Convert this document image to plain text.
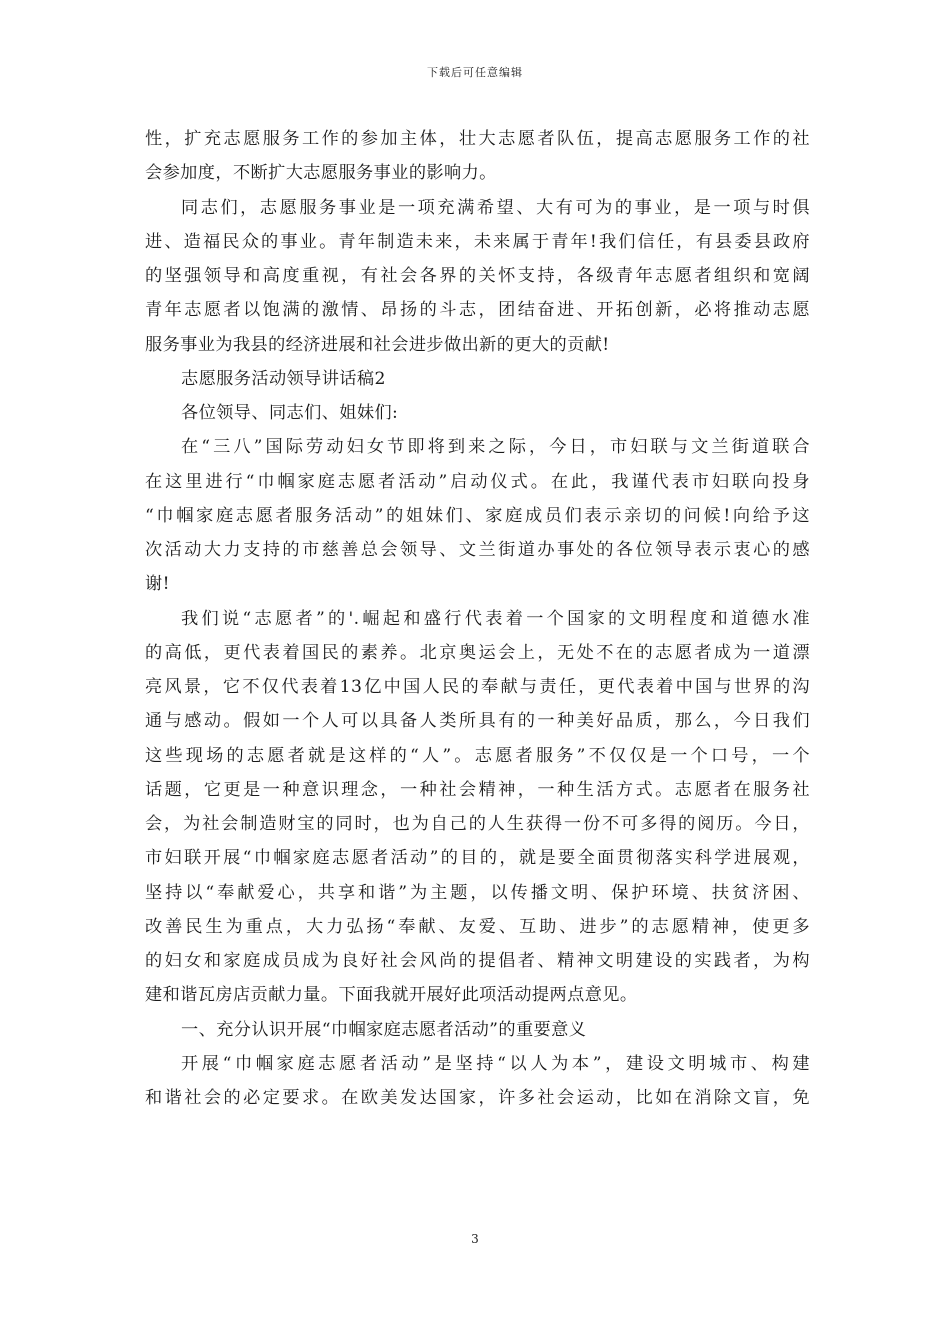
下载后可任意编辑
性，扩充志愿服务工作的参加主体，壮大志愿者队伍，提高志愿服务工作的社
会参加度，不断扩大志愿服务事业的影响力。
同志们，志愿服务事业是一项充满希望、大有可为的事业，是一项与时俱
进、造福民众的事业。青年制造未来，未来属于青年!我们信任，有县委县政府
的坚强领导和高度重视，有社会各界的关怀支持，各级青年志愿者组织和宽阔
青年志愿者以饱满的激情、昂扬的斗志，团结奋进、开拓创新，必将推动志愿
服务事业为我县的经济进展和社会进步做出新的更大的贡献!
志愿服务活动领导讲话稿2
各位领导、同志们、姐妹们:
在“三八”国际劳动妇女节即将到来之际，今日，市妇联与文兰街道联合
在这里进行“巾帼家庭志愿者活动”启动仪式。在此，我谨代表市妇联向投身
“巾帼家庭志愿者服务活动”的姐妹们、家庭成员们表示亲切的问候!向给予这
次活动大力支持的市慈善总会领导、文兰街道办事处的各位领导表示衷心的感
谢!
我们说“志愿者”的'.崛起和盛行代表着一个国家的文明程度和道德水准
的高低，更代表着国民的素养。北京奥运会上，无处不在的志愿者成为一道漂
亮风景，它不仅代表着13亿中国人民的奉献与责任，更代表着中国与世界的沟
通与感动。假如一个人可以具备人类所具有的一种美好品质，那么，今日我们
这些现场的志愿者就是这样的“人”。志愿者服务”不仅仅是一个口号，一个
话题，它更是一种意识理念，一种社会精神，一种生活方式。志愿者在服务社
会，为社会制造财宝的同时，也为自己的人生获得一份不可多得的阅历。今日，
市妇联开展“巾帼家庭志愿者活动”的目的，就是要全面贯彻落实科学进展观，
坚持以“奉献爱心，共享和谐”为主题，以传播文明、保护环境、扶贫济困、
改善民生为重点，大力弘扬“奉献、友爱、互助、进步”的志愿精神，使更多
的妇女和家庭成员成为良好社会风尚的提倡者、精神文明建设的实践者，为构
建和谐瓦房店贡献力量。下面我就开展好此项活动提两点意见。
一、充分认识开展“巾帼家庭志愿者活动”的重要意义
开展“巾帼家庭志愿者活动”是坚持“以人为本”，建设文明城市、构建
和谐社会的必定要求。在欧美发达国家，许多社会运动，比如在消除文盲，免
3
